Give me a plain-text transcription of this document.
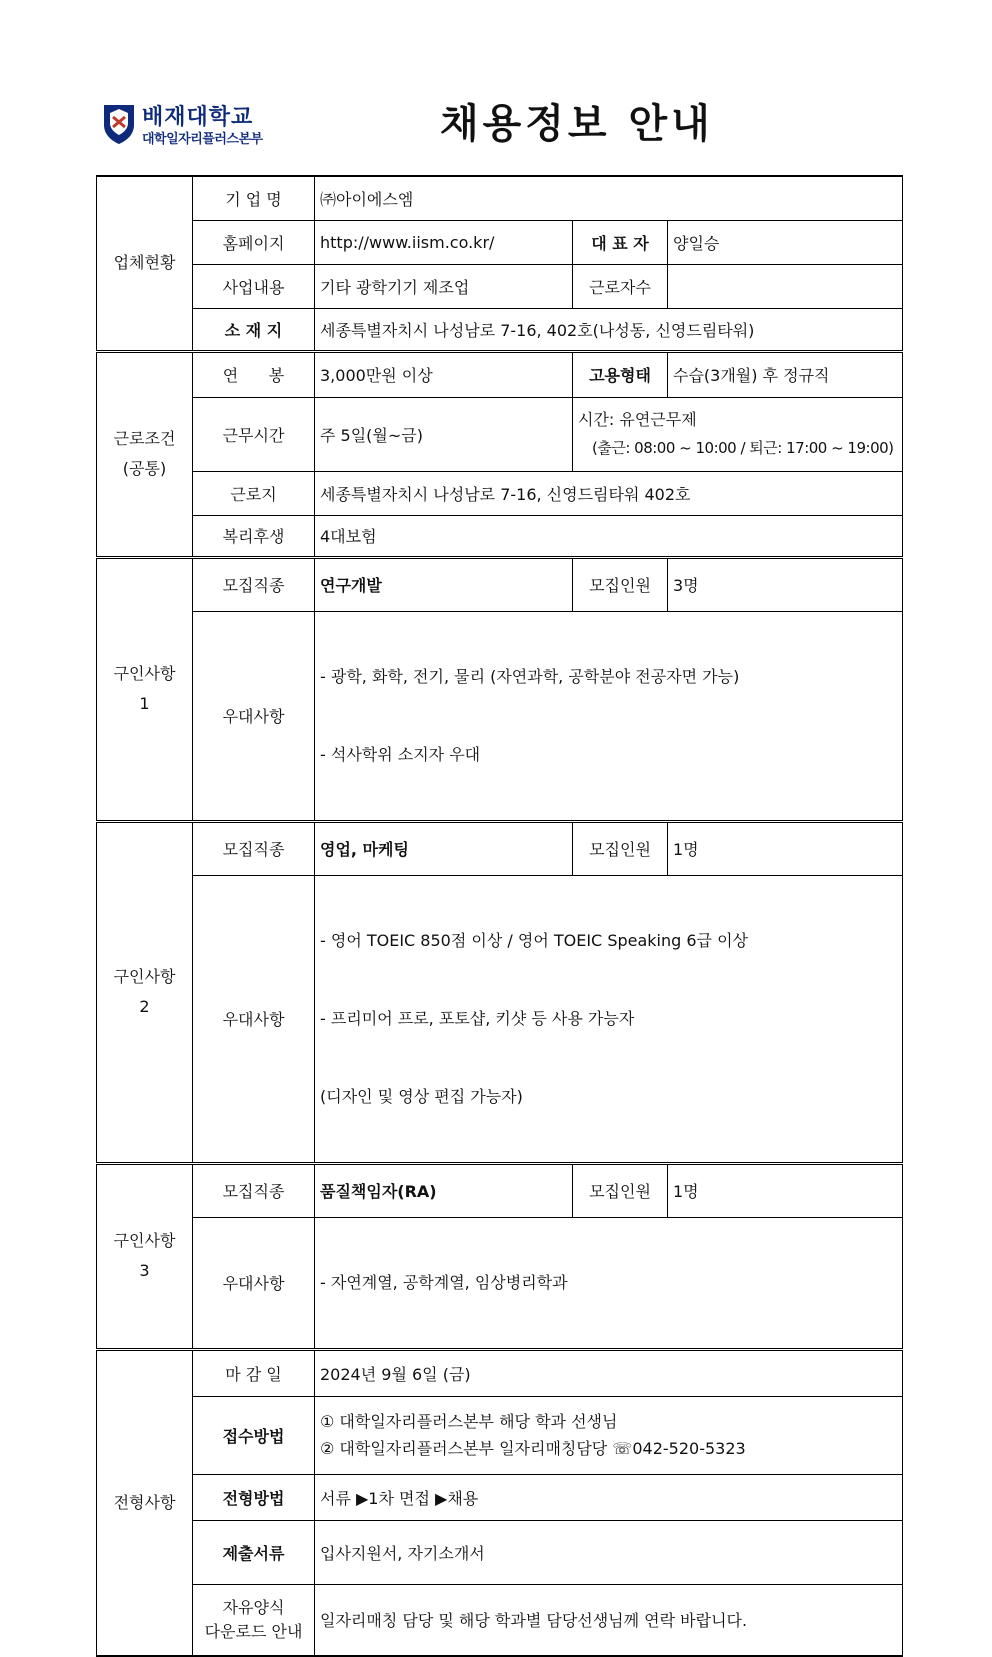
배재대학교
대학일자리플러스본부	채용정보 안내
업체현황	기 업 명	㈜아이에스엠		
	홈페이지	http://www.iism.co.kr/	대 표 자	양일승
	사업내용	기타 광학기기 제조업	근로자수	
	소 재 지	세종특별자치시 나성남로 7-16, 402호(나성동, 신영드림타워)		

근로조건
(공통)	연      봉	3,000만원 이상	고용형태	수습(3개월) 후 정규직
	근무시간	주 5일(월~금)	시간: 유연근무제
(출근: 08:00 ~ 10:00 / 퇴근: 17:00 ~ 19:00)	

	근로지	세종특별자치시 나성남로 7-16, 신영드림타워 402호		
	복리후생	4대보험		

구인사항
1	모집직종	연구개발	모집인원	3명
	우대사항	- 광학, 화학, 전기, 물리 (자연과학, 공학분야 전공자면 가능)

- 석사학위 소지자 우대		

구인사항
2	모집직종	영업, 마케팅	모집인원	1명
	우대사항	- 영어 TOEIC 850점 이상 / 영어 TOEIC Speaking 6급 이상

- 프리미어 프로, 포토샵, 키샷 등 사용 가능자

(디자인 및 영상 편집 가능자)		

구인사항
3	모집직종	품질책임자(RA)	모집인원	1명
	우대사항	- 자연계열, 공학계열, 임상병리학과		

전형사항	마 감 일	2024년 9월 6일 (금)		
	접수방법	① 대학일자리플러스본부 해당 학과 선생님
② 대학일자리플러스본부 일자리매칭담당 ☏042-520-5323		

	전형방법	서류 ▶1차 면접 ▶채용		
	제출서류	입사지원서, 자기소개서		

	자유양식
다운로드 안내	일자리매칭 담당 및 해당 학과별 담당선생님께 연락 바랍니다.		
